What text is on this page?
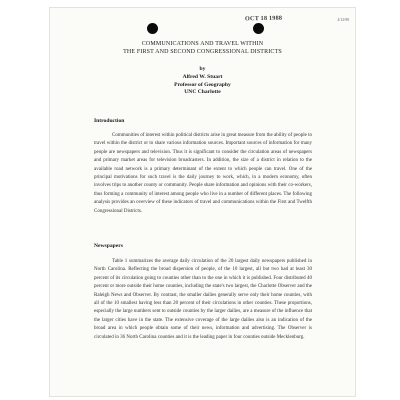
OCT 18 1988	4/12/98
COMMUNICATIONS AND TRAVEL WITHIN
THE FIRST AND SECOND CONGRESSIONAL DISTRICTS
by
Alfred W. Stuart
Professor of Geography
UNC Charlotte
Introduction

Communities of interest within political districts arise in great measure from the ability of people to travel within the district or to share various information sources. Important sources of information for many people are newspapers and television. Thus it is significant to consider the circulation areas of newspapers and primary market areas for television broadcasters. In addition, the size of a district in relation to the available road network is a primary determinant of the extent to which people can travel. One of the principal motivations for such travel is the daily journey to work, which, in a modern economy, often involves trips to another county or community. People share information and opinions with their co-workers, thus forming a community of interest among people who live in a number of different places. The following analysis provides an overview of these indicators of travel and communications within the First and Twelfth Congressional Districts.

Newspapers

Table 1 summarizes the average daily circulation of the 20 largest daily newspapers published in North Carolina. Reflecting the broad dispersion of people, of the 10 largest, all but two had at least 30 percent of its circulation going to counties other than to the one in which it is published. Four distributed 40 percent or more outside their home counties, including the state's two largest, the Charlotte Observer and the Raleigh News and Observer. By contrast, the smaller dailies generally serve only their home counties, with all of the 10 smallest having less than 20 percent of their circulations in other counties. These proportions, especially the large numbers sent to outside counties by the larger dailies, are a measure of the influence that the larger cities have in the state. The extensive coverage of the large dailies also is an indication of the broad area in which people obtain some of their news, information and advertising. The Observer is circulated in 36 North Carolina counties and it is the leading paper in four counties outside Mecklenburg.
